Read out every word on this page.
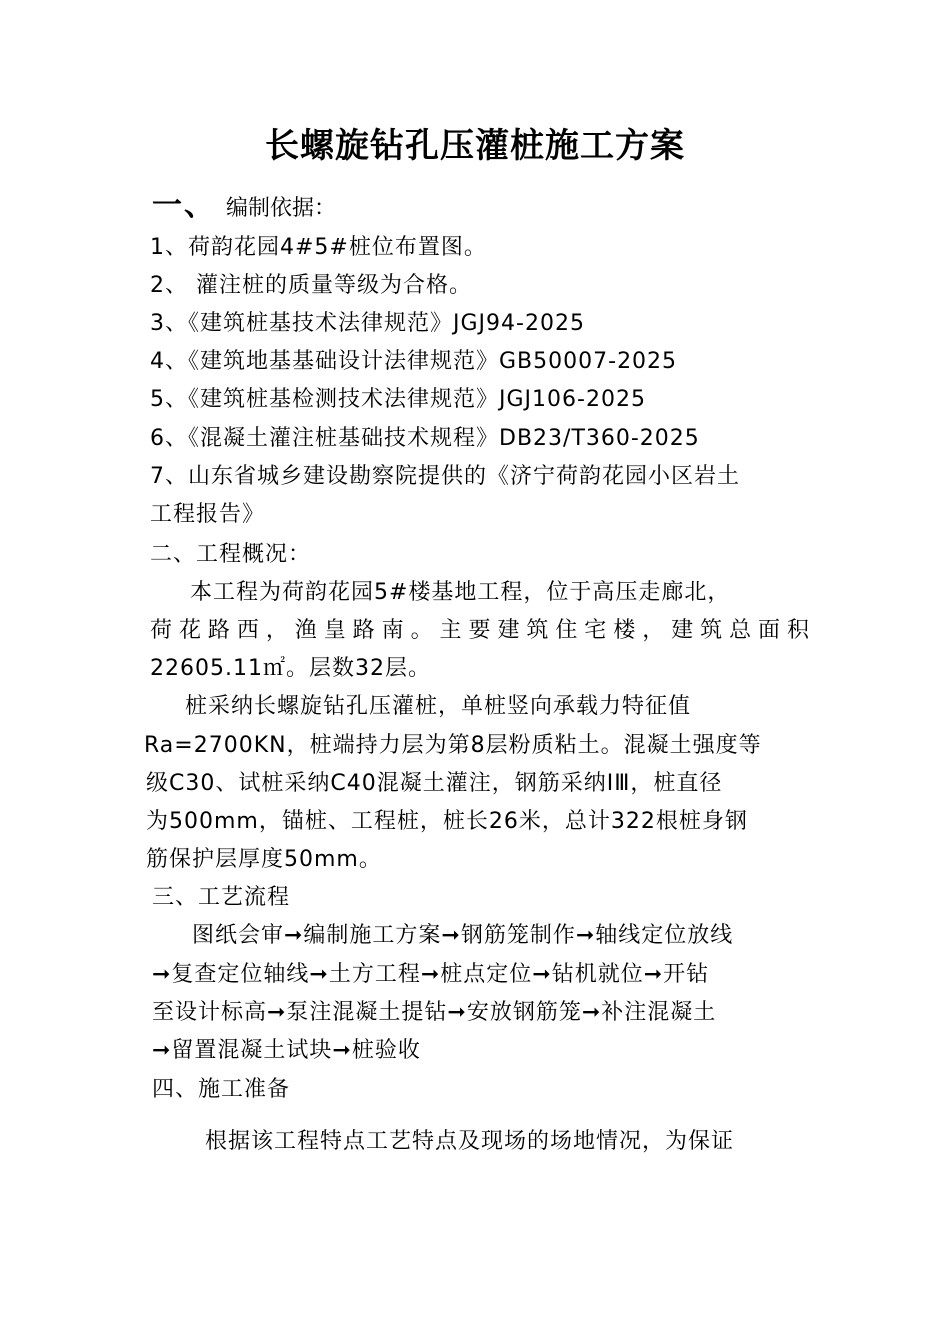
长螺旋钻孔压灌桩施工方案
一、 编制依据：
1、荷韵花园4#5#桩位布置图。
2、 灌注桩的质量等级为合格。
3、《建筑桩基技术法律规范》JGJ94-2025
4、《建筑地基基础设计法律规范》GB50007-2025
5、《建筑桩基检测技术法律规范》JGJ106-2025
6、《混凝土灌注桩基础技术规程》DB23/T360-2025
7、山东省城乡建设勘察院提供的《济宁荷韵花园小区岩土
工程报告》
二、工程概况：
本工程为荷韵花园5#楼基地工程，位于高压走廊北，
荷花路西，渔皇路南。主要建筑住宅楼，建筑总面积
22605.11㎡。层数32层。
桩采纳长螺旋钻孔压灌桩，单桩竖向承载力特征值
Ra=2700KN，桩端持力层为第8层粉质粘土。混凝土强度等
级C30、试桩采纳C40混凝土灌注，钢筋采纳ⅠⅢ，桩直径
为500mm，锚桩、工程桩，桩长26米，总计322根桩身钢
筋保护层厚度50mm。
三、工艺流程
图纸会审➞编制施工方案➞钢筋笼制作➞轴线定位放线
➞复查定位轴线➞土方工程➞桩点定位➞钻机就位➞开钻
至设计标高➞泵注混凝土提钻➞安放钢筋笼➞补注混凝土
➞留置混凝土试块➞桩验收
四、施工准备
根据该工程特点工艺特点及现场的场地情况，为保证
